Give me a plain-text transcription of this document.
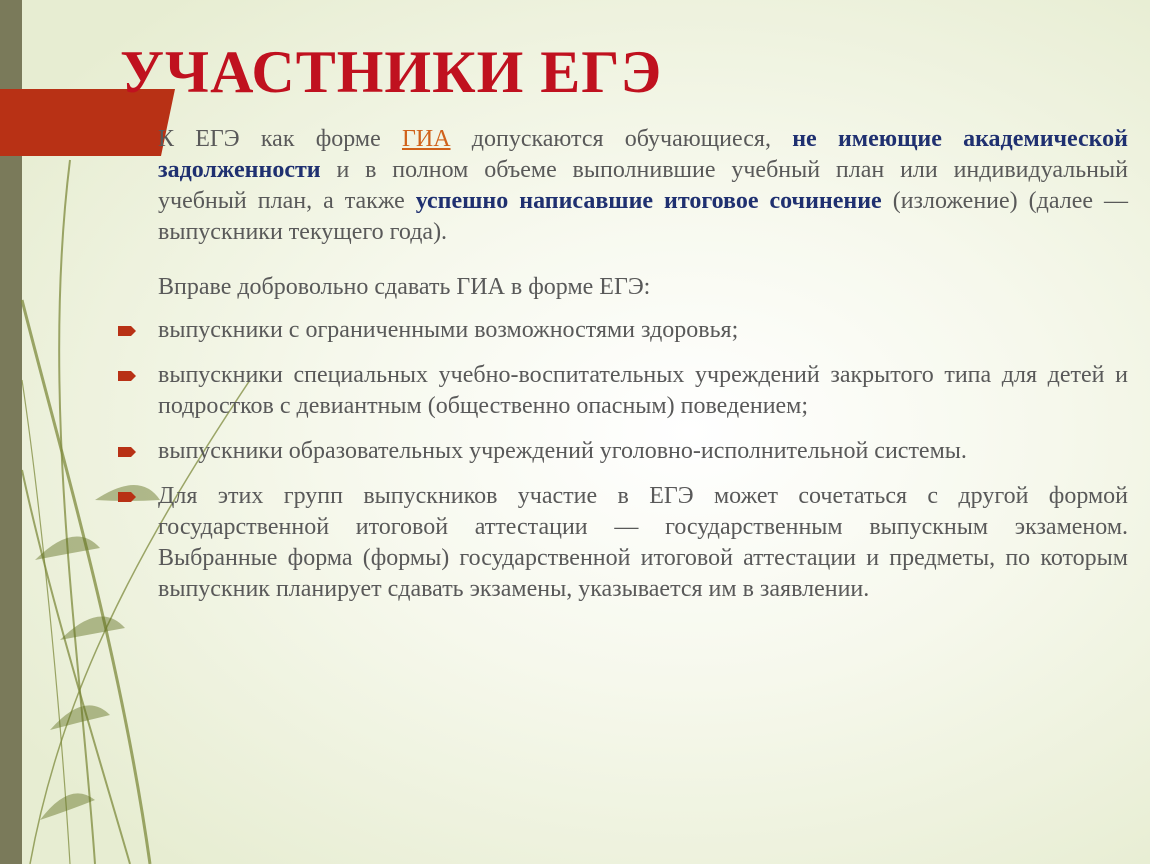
УЧАСТНИКИ ЕГЭ

К ЕГЭ как форме ГИА допускаются обучающиеся, не имеющие академической задолженности и в полном объеме выполнившие учебный план или индивидуальный учебный план, а также успешно написавшие итоговое сочинение (изложение) (далее — выпускники текущего года).

Вправе добровольно сдавать ГИА в форме ЕГЭ:

выпускники с ограниченными возможностями здоровья;
выпускники специальных учебно-воспитательных учреждений закрытого типа для детей и подростков с девиантным (общественно опасным) поведением;
выпускники образовательных учреждений уголовно-исполнительной системы.
Для этих групп выпускников участие в ЕГЭ может сочетаться с другой формой государственной итоговой аттестации — государственным выпускным экзаменом. Выбранные форма (формы) государственной итоговой аттестации и предметы, по которым выпускник планирует сдавать экзамены, указывается им в заявлении.
